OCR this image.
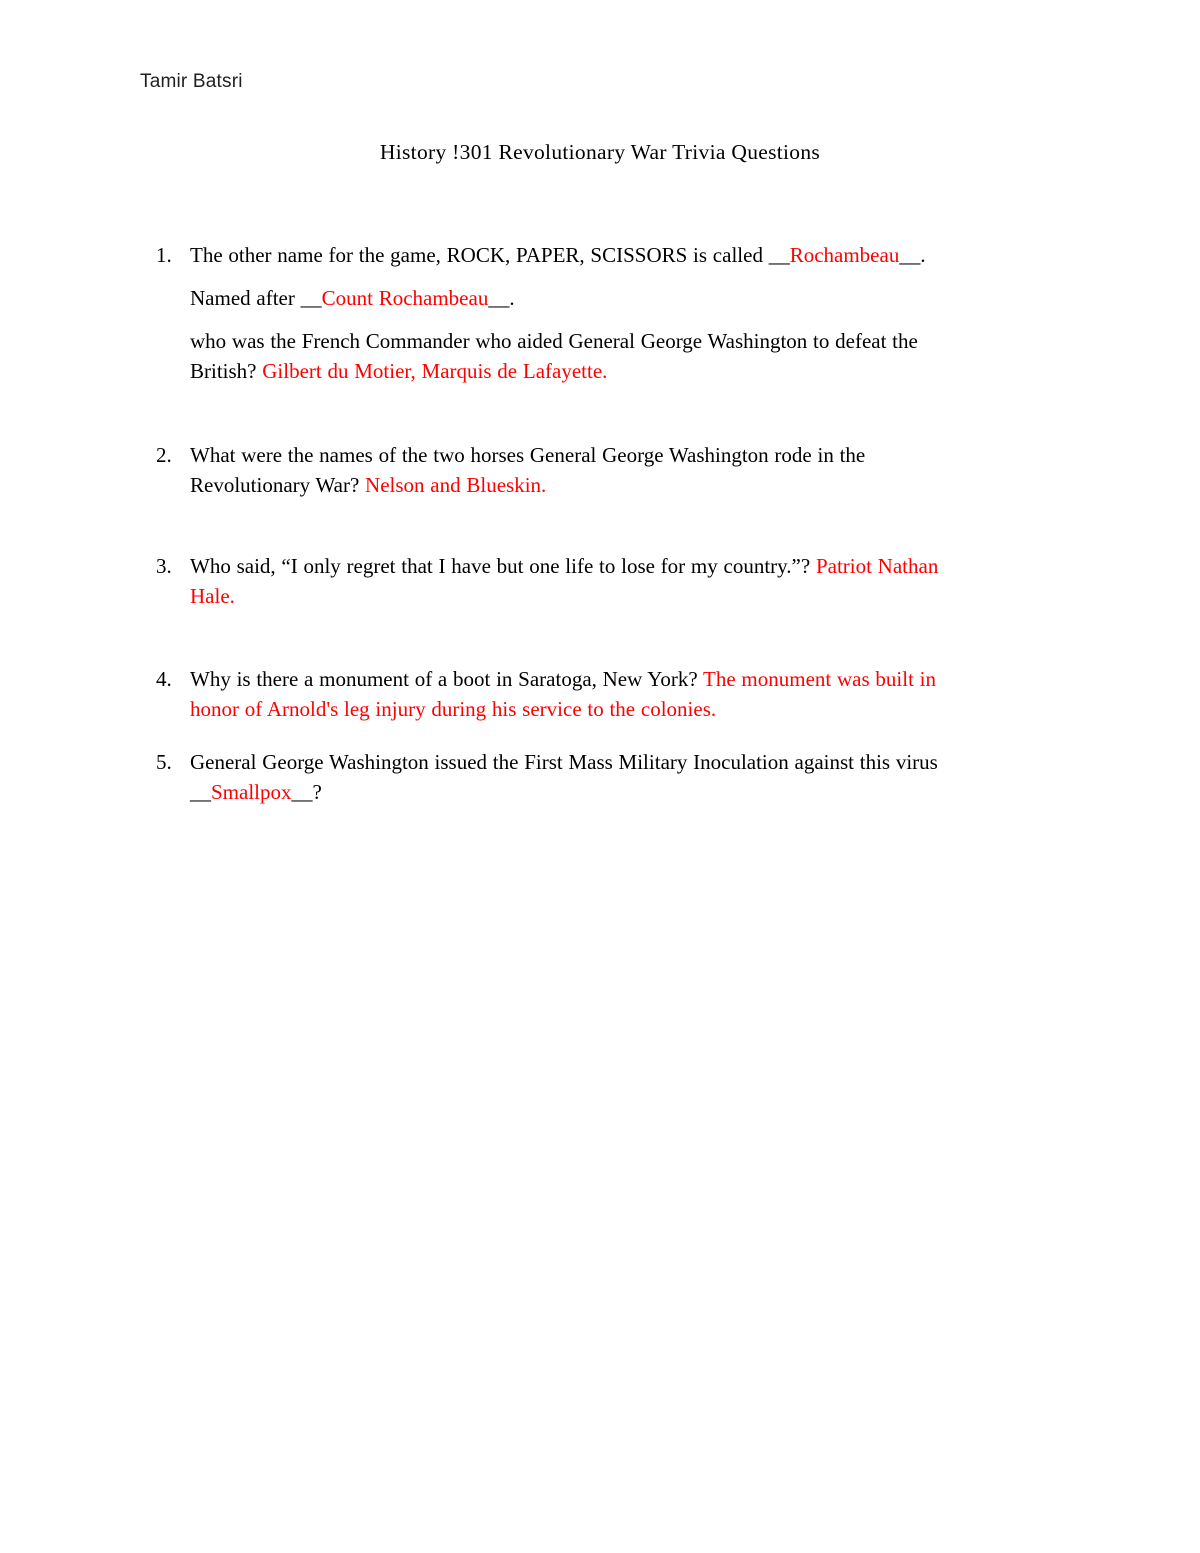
Tamir Batsri
History !301 Revolutionary War Trivia Questions
1. The other name for the game, ROCK, PAPER, SCISSORS is called __Rochambeau__.

Named after __Count Rochambeau__.

who was the French Commander who aided General George Washington to defeat the
British? Gilbert du Motier, Marquis de Lafayette.

2. What were the names of the two horses General George Washington rode in the
Revolutionary War? Nelson and Blueskin.

3. Who said, “I only regret that I have but one life to lose for my country.”? Patriot Nathan
Hale.

4. Why is there a monument of a boot in Saratoga, New York? The monument was built in
honor of Arnold's leg injury during his service to the colonies.

5. General George Washington issued the First Mass Military Inoculation against this virus
__Smallpox__?
